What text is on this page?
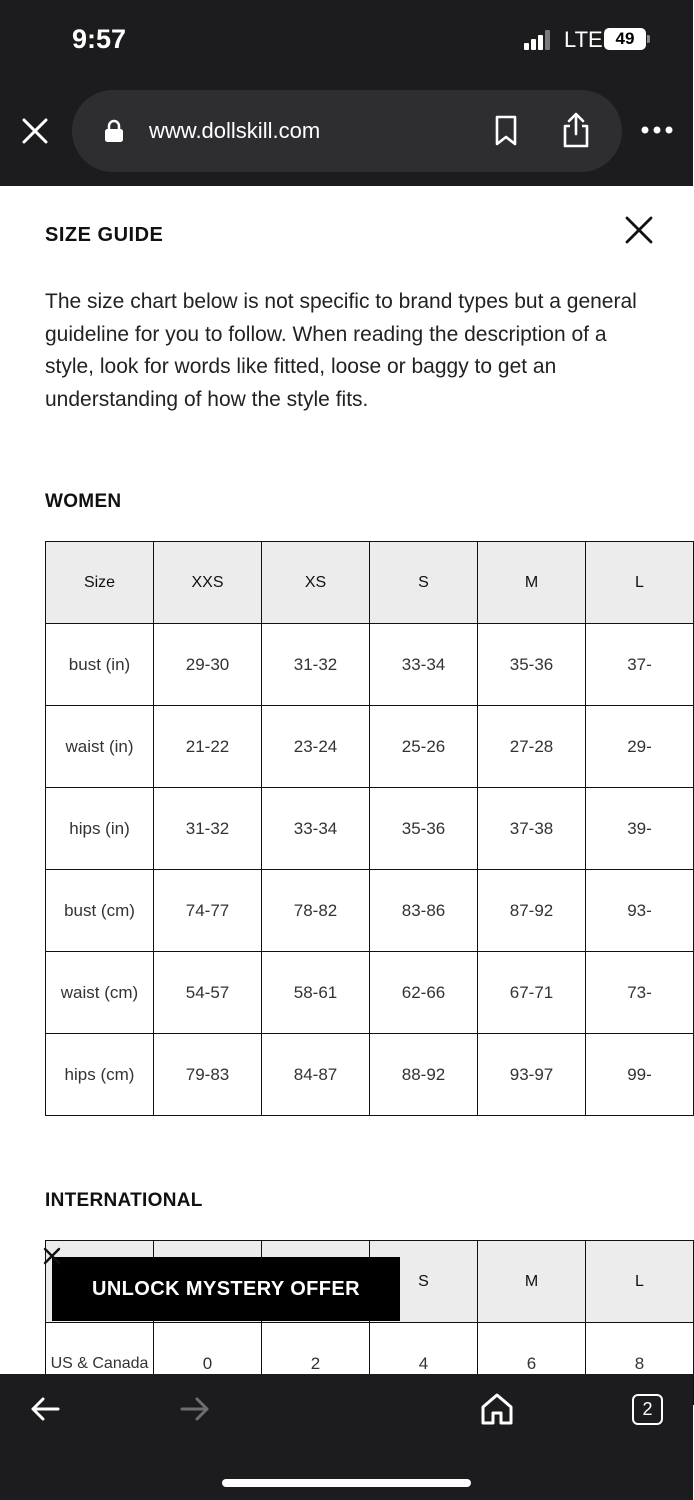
9:57	LTE 49
www.dollskill.com
SIZE GUIDE

The size chart below is not specific to brand types but a general guideline for you to follow. When reading the description of a style, look for words like fitted, loose or baggy to get an understanding of how the style fits.

WOMEN
Size	XXS	XS	S	M	L
bust (in)	29-30	31-32	33-34	35-36	37-
waist (in)	21-22	23-24	25-26	27-28	29-
hips (in)	31-32	33-34	35-36	37-38	39-
bust (cm)	74-77	78-82	83-86	87-92	93-
waist (cm)	54-57	58-61	62-66	67-71	73-
hips (cm)	79-83	84-87	88-92	93-97	99-
INTERNATIONAL
			S	M	L
US & Canada	0	2	4	6	8
UNLOCK MYSTERY OFFER
2
